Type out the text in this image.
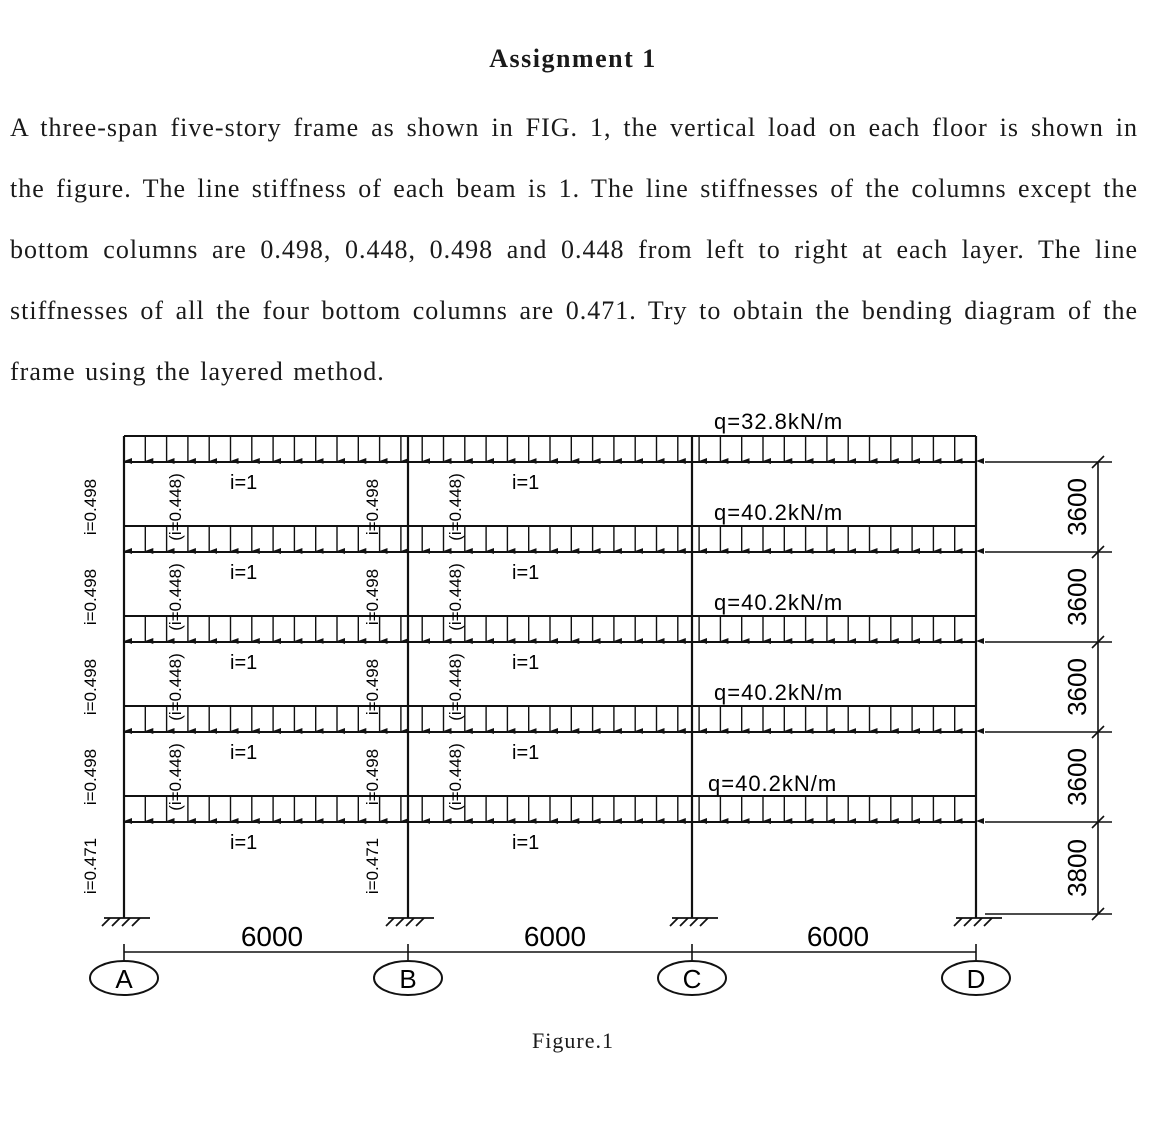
Assignment 1
A three-span five-story frame as shown in FIG. 1, the vertical load on each floor is shown in the figure. The line stiffness of each beam is 1. The line stiffnesses of the columns except the bottom columns are 0.498, 0.448, 0.498 and 0.448 from left to right at each layer. The line stiffnesses of all the four bottom columns are 0.471. Try to obtain the bending diagram of the frame using the layered method.
q=32.8kN/m
q=40.2kN/m
q=40.2kN/m
q=40.2kN/m
q=40.2kN/m
i=1	i=1
i=1	i=1
i=1	i=1
i=1	i=1
i=1	i=1
i=0.498	(i=0.448)	i=0.498	(i=0.448)
i=0.498	(i=0.448)	i=0.498	(i=0.448)
i=0.498	(i=0.448)	i=0.498	(i=0.448)
i=0.498	(i=0.448)	i=0.498	(i=0.448)
i=0.471	i=0.471
6000	6000	6000
3600
3600
3600
3600
3800
A	B	C	D
Figure.1
